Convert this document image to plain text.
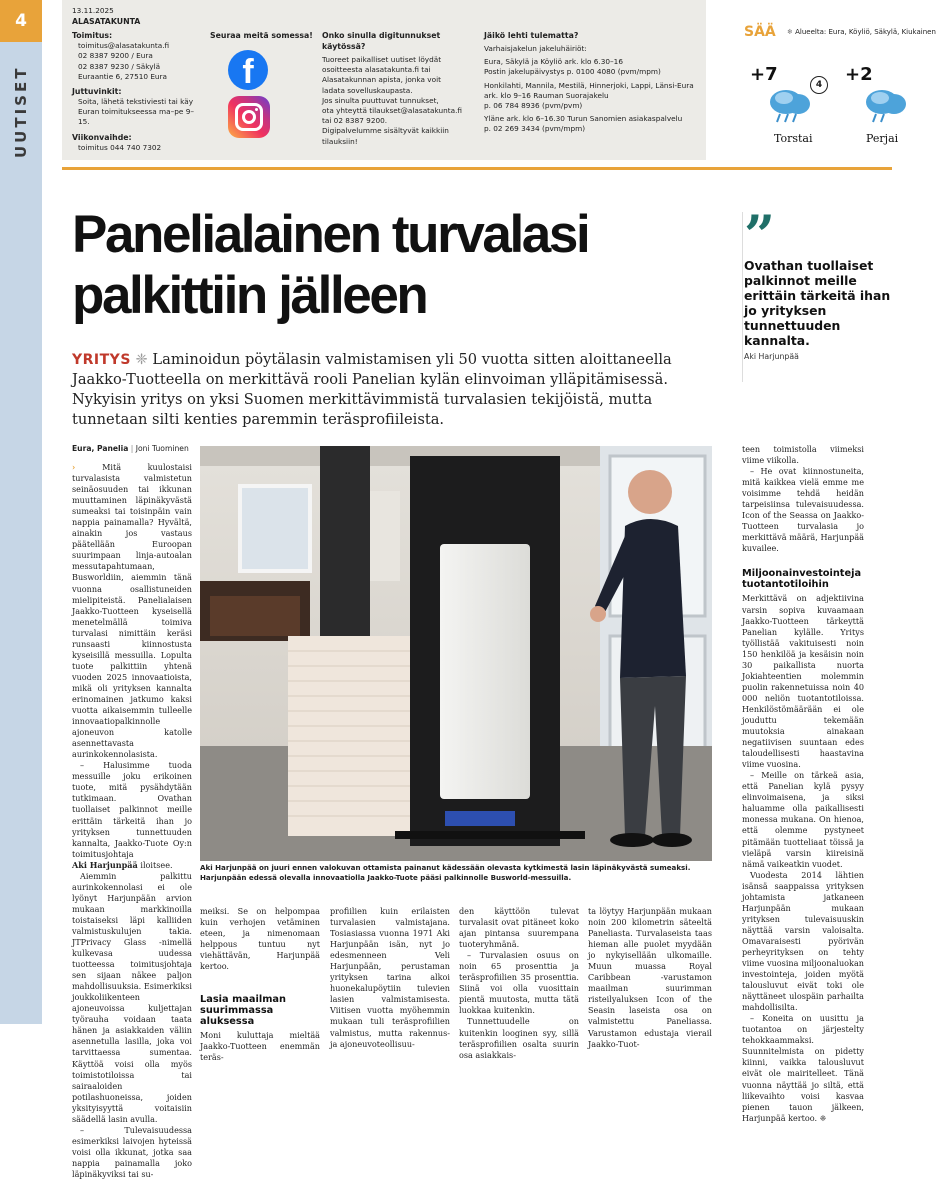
4
UUTISET
13.11.2025
ALASATAKUNTA
Toimitus:
toimitus@alasatakunta.fi
02 8387 9200 / Eura
02 8387 9230 / Säkylä
Euraantie 6, 27510 Eura
Juttuvinkit:
Soita, lähetä tekstiviesti tai käy
Euran toimitukseessa ma–pe 9–15.
Viikonvaihde:
toimitus 044 740 7302
Seuraa meitä somessa!
f
Onko sinulla digitunnukset käytössä?
Tuoreet paikalliset uutiset löydät
osoitteesta alasatakunta.fi tai
Alasatakunnan apista, jonka voit
ladata sovelluskaupasta.
Jos sinulta puuttuvat tunnukset,
ota yhteyttä tilaukset@alasatakunta.fi
tai 02 8387 9200.
Digipalvelumme sisältyvät kaikkiin
tilauksiin!
Jäikö lehti tulematta?
Varhaisjakelun jakeluhäiriöt:

Eura, Säkylä ja Köyliö ark. klo 6.30–16
Postin jakelupäivystys p. 0100 4080 (pvm/mpm)

Honkilahti, Mannila, Mestilä, Hinnerjoki, Lappi, Länsi-Eura
ark. klo 9–16 Rauman Suorajakelu
p. 06 784 8936 (pvm/pvm)

Yläne ark. klo 6–16.30 Turun Sanomien asiakaspalvelu
p. 02 269 3434 (pvm/mpm)
SÄÄ ❄ Alueelta: Eura, Köyliö, Säkylä, Kiukainen
+7	+2
4
Torstai	Perjai
Panelialainen turvalasi
palkittiin jälleen
YRITYS ❈ Laminoidun pöytälasin valmistamisen yli 50 vuotta sitten aloittaneella Jaakko-Tuotteella on merkittävä rooli Panelian kylän elinvoiman ylläpitämisessä. Nykyisin yritys on yksi Suomen merkittävimmistä turvalasien tekijöistä, mutta tunnetaan silti kenties paremmin teräsprofiileista.
”
Ovathan tuollaiset palkinnot meille erittäin tärkeitä ihan jo yrityksen tunnettuuden kannalta.
Aki Harjunpää
Eura, Panelia | Joni Tuominen

› Mitä kuulostaisi turvalasista valmistetun seinäosuuden tai ikkunan muuttaminen läpinäkyvästä sumeaksi tai toisinpäin vain nappia painamalla? Hyvältä, ainakin jos vastaus päätellään Euroopan suurimpaan linja-autoalan messutapahtumaan, Busworldiin, aiemmin tänä vuonna osallistuneiden mielipiteistä. Panelialaisen Jaakko-Tuotteen kyseisellä menetelmällä toimiva turvalasi nimittäin keräsi runsaasti kiinnostusta kyseisillä messuilla. Lopulta tuote palkittiin yhtenä vuoden 2025 innovaatioista, mikä oli yrityksen kannalta erinomainen jatkumo kaksi vuotta aikaisemmin tulleelle innovaatiopalkinnolle ajoneuvon katolle asennettavasta aurinkokennolasista.

– Halusimme tuoda messuille joku erikoinen tuote, mitä pysähdytään tutkimaan. Ovathan tuollaiset palkinnot meille erittäin tärkeitä ihan jo yrityksen tunnettuuden kannalta, Jaakko-Tuote Oy:n toimitusjohtaja

Aki Harjunpää iloitsee.

Aiemmin palkittu aurinkokennolasi ei ole lyönyt Harjunpään arvion mukaan markkinoilla toistaiseksi läpi kalliiden valmistuskulujen takia. JTPrivacy Glass -nimellä kulkevasa uudessa tuotteessa toimitusjohtaja sen sijaan näkee paljon mahdollisuuksia. Esimerkiksi joukkoliikenteen ajoneuvoissa kuljettajan työrauha voidaan taata hänen ja asiakkaiden väliin asennetulla lasilla, joka voi tarvittaessa sumentaa. Käyttöä voisi olla myös toimistotiloissa tai sairaaloiden potilashuoneissa, joiden yksityisyyttä voitaisiin säädellä lasin avulla.

– Tulevaisuudessa esimerkiksi laivojen hyteissä voisi olla ikkunat, jotka saa nappia painamalla joko läpinäkyviksi tai su-

Aki Harjunpää on juuri ennen valokuvan ottamista painanut kädessään olevasta kytkimestä lasin läpinäkyvästä sumeaksi. Harjunpään edessä olevalla innovaatiolla Jaakko-Tuote pääsi palkinnolle Busworld-messuilla.

meiksi. Se on helpompaa kuin verhojen vetäminen eteen, ja nimenomaan helppous tuntuu nyt viehättävän, Harjunpää kertoo.

Lasia maailman suurimmassa aluksessa

Moni kuluttaja mieltää Jaakko-Tuotteen enemmän teräs-

profiilien kuin erilaisten turvalasien valmistajana. Tosiasiassa vuonna 1971 Aki Harjunpään isän, nyt jo edesmenneen Veli Harjunpään, perustaman yrityksen tarina alkoi huonekalupöytiin tulevien lasien valmistamisesta. Viitisen vuotta myöhemmin mukaan tuli teräsprofiilien valmistus, mutta rakennus- ja ajoneuvoteollisuu-

den käyttöön tulevat turvalasit ovat pitäneet koko ajan pintansa suurempana tuoteryhmänä.

– Turvalasien osuus on noin 65 prosenttia ja teräsprofiilien 35 prosenttia. Siinä voi olla vuosittain pientä muutosta, mutta tätä luokkaa kuitenkin.

Tunnettuudelle on kuitenkin looginen syy, sillä teräsprofiilien osalta suurin osa asiakkais-

ta löytyy Harjunpään mukaan noin 200 kilometrin säteeltä Paneliasta. Turvalaseista taas hieman alle puolet myydään jo nykyisellään ulkomaille. Muun muassa Royal Caribbean -varustamon maailman suurimman risteilyaluksen Icon of the Seasin laseista osa on valmistettu Paneliassa. Varustamon edustaja vierail Jaakko-Tuot-

teen toimistolla viimeksi viime viikolla.

– He ovat kiinnostuneita, mitä kaikkea vielä emme me voisimme tehdä heidän tarpeisiinsa tulevaisuudessa. Icon of the Seassa on Jaakko-Tuotteen turvalasia jo merkittävä määrä, Harjunpää kuvailee.

Miljoonainvestointeja tuotantotiloihin

Merkittävä on adjektiivina varsin sopiva kuvaamaan Jaakko-Tuotteen tärkeyttä Panelian kylälle. Yritys työllistää vakituisesti noin 150 henkilöä ja kesäisin noin 30 paikallista nuorta Jokiahteentien molemmin puolin rakennetuissa noin 40 000 neliön tuotantotiloissa. Henkilöstömäärään ei ole jouduttu tekemään muutoksia ainakaan negatiivisen suuntaan edes taloudellisesti haastavina viime vuosina.

– Meille on tärkeä asia, että Panelian kylä pysyy elinvoimaisena, ja siksi haluamme olla paikallisesti monessa mukana. On hienoa, että olemme pystyneet pitämään tuotteliaat töissä ja vieläpä varsin kiireisinä nämä vaikeatkin vuodet.

Vuodesta 2014 lähtien isänsä saappaissa yrityksen johtamista jatkaneen Harjunpään mukaan yrityksen tulevaisuuskin näyttää varsin valoisalta. Omavaraisesti pyörivän perheyrityksen on tehty viime vuosina miljoonaluokan investointeja, joiden myötä talousluvut eivät toki ole näyttäneet ulospäin parhailta mahdollisilta.

– Koneita on uusittu ja tuotantoa on järjestelty tehokkaammaksi. Suunnitelmista on pidetty kiinni, vaikka talousluvut eivät ole mairitelleet. Tänä vuonna näyttää jo siltä, että liikevaihto voisi kasvaa pienen tauon jälkeen, Harjunpää kertoo. ❈
